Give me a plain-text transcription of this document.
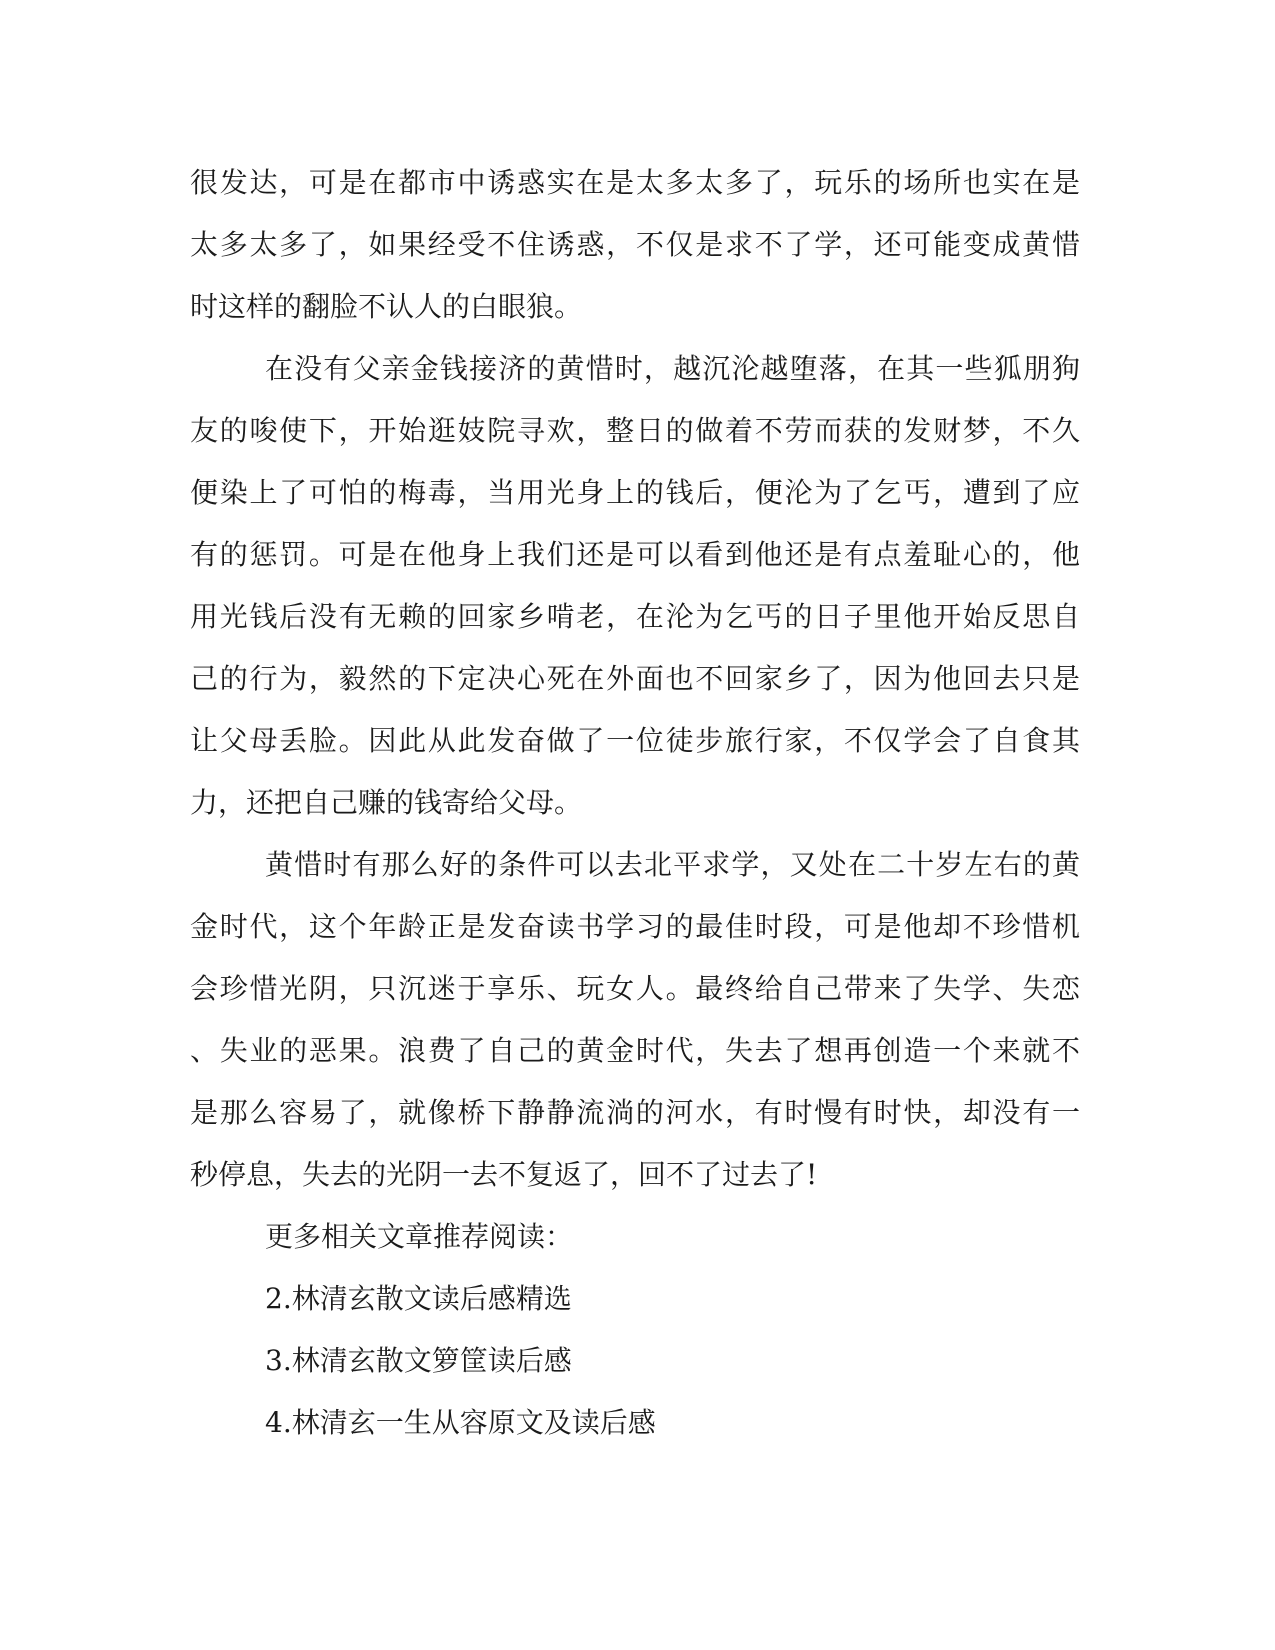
很发达，可是在都市中诱惑实在是太多太多了，玩乐的场所也实在是
太多太多了，如果经受不住诱惑，不仅是求不了学，还可能变成黄惜
时这样的翻脸不认人的白眼狼。
在没有父亲金钱接济的黄惜时，越沉沦越堕落，在其一些狐朋狗
友的唆使下，开始逛妓院寻欢，整日的做着不劳而获的发财梦，不久
便染上了可怕的梅毒，当用光身上的钱后，便沦为了乞丐，遭到了应
有的惩罚。可是在他身上我们还是可以看到他还是有点羞耻心的，他
用光钱后没有无赖的回家乡啃老，在沦为乞丐的日子里他开始反思自
己的行为，毅然的下定决心死在外面也不回家乡了，因为他回去只是
让父母丢脸。因此从此发奋做了一位徒步旅行家，不仅学会了自食其
力，还把自己赚的钱寄给父母。
黄惜时有那么好的条件可以去北平求学，又处在二十岁左右的黄
金时代，这个年龄正是发奋读书学习的最佳时段，可是他却不珍惜机
会珍惜光阴，只沉迷于享乐、玩女人。最终给自己带来了失学、失恋
、失业的恶果。浪费了自己的黄金时代，失去了想再创造一个来就不
是那么容易了，就像桥下静静流淌的河水，有时慢有时快，却没有一
秒停息，失去的光阴一去不复返了，回不了过去了!
更多相关文章推荐阅读：
2.林清玄散文读后感精选
3.林清玄散文箩筐读后感
4.林清玄一生从容原文及读后感
